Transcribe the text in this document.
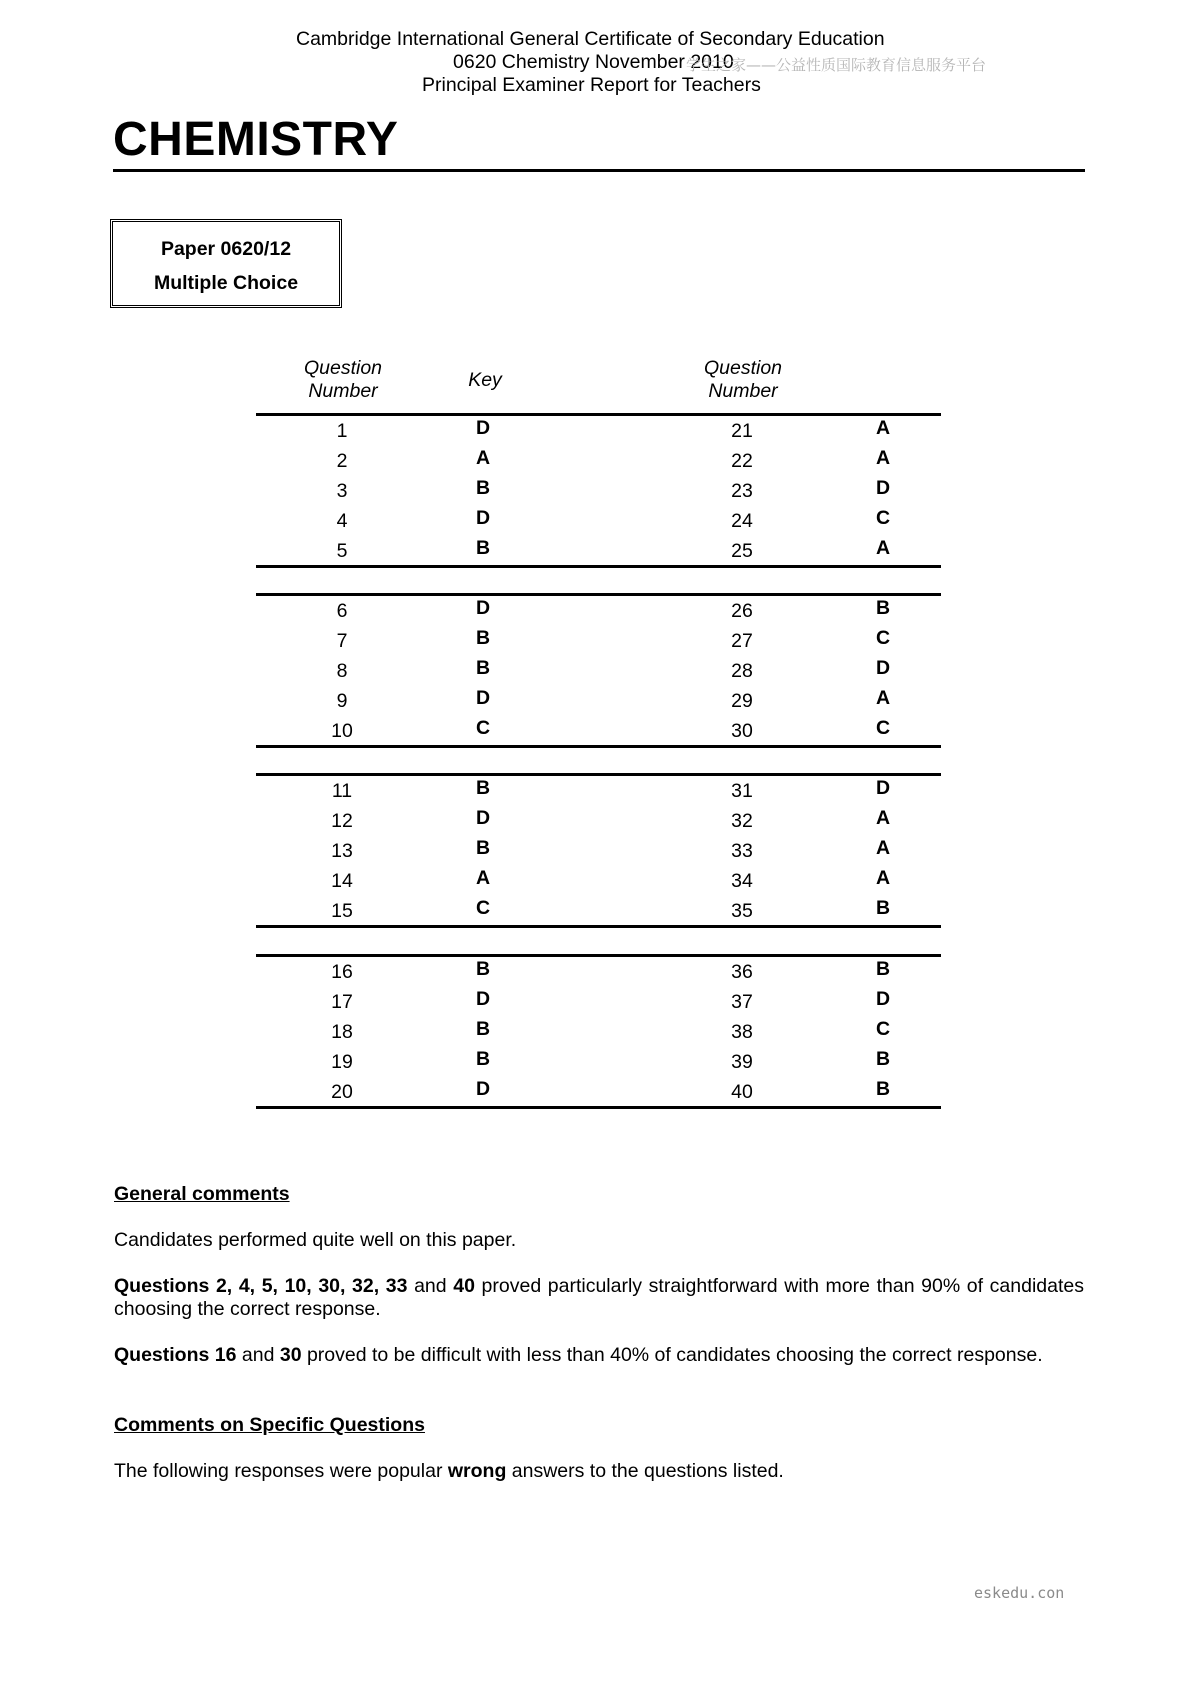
Cambridge International General Certificate of Secondary Education
0620 Chemistry November 2010
Principal Examiner Report for Teachers
学生之家——公益性质国际教育信息服务平台
CHEMISTRY
Paper 0620/12
Multiple Choice
Question
Number	Key
Question
Number
1	D	21	A
2	A	22	A
3	B	23	D
4	D	24	C
5	B	25	A
6	D	26	B
7	B	27	C
8	B	28	D
9	D	29	A
10	C	30	C
11	B	31	D
12	D	32	A
13	B	33	A
14	A	34	A
15	C	35	B
16	B	36	B
17	D	37	D
18	B	38	C
19	B	39	B
20	D	40	B
General comments
Candidates performed quite well on this paper.
Questions 2, 4, 5, 10, 30, 32, 33 and 40 proved particularly straightforward with more than 90% of candidates choosing the correct response.
Questions 16 and 30 proved to be difficult with less than 40% of candidates choosing the correct response.
Comments on Specific Questions
The following responses were popular wrong answers to the questions listed.
eskedu.con
